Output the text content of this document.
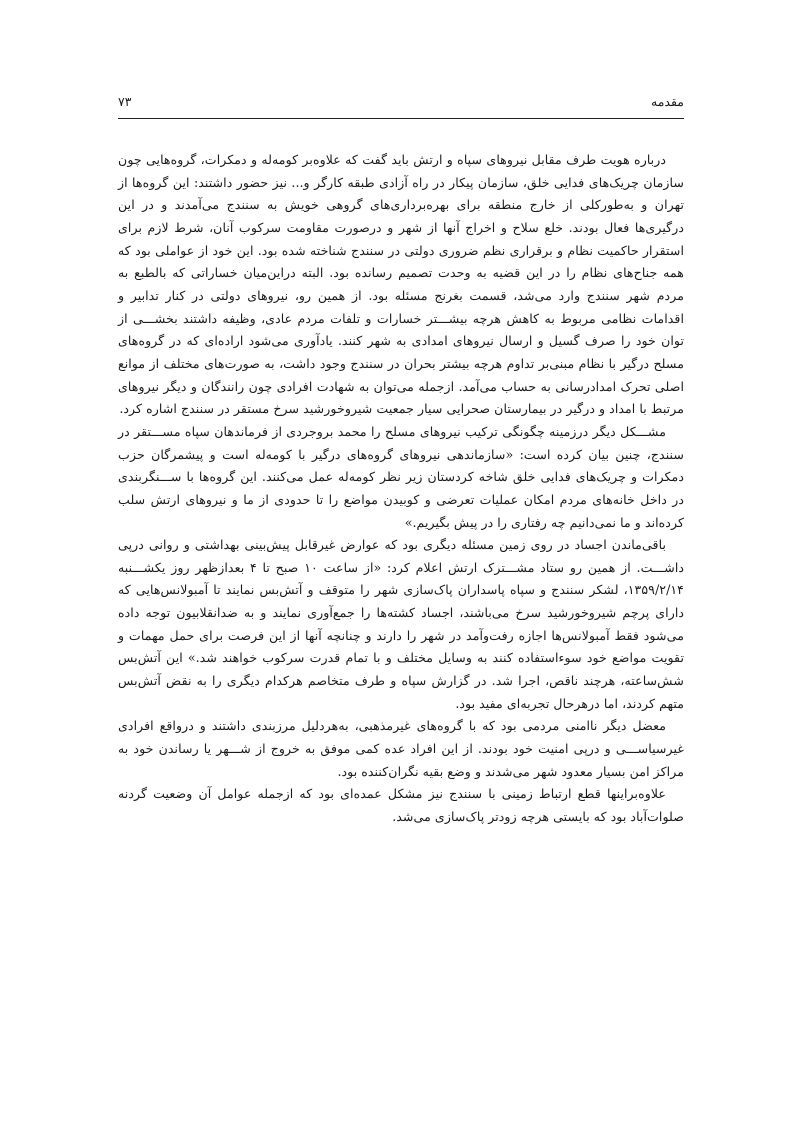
مقدمه
۷۳

درباره هویت طرف مقابل نیروهای سپاه و ارتش باید گفت که علاوه‌بر کومه‌له و دمکرات، گروه‌هایی چون سازمان چریک‌های فدایی خلق، سازمان پیکار در راه آزادی طبقه کارگر و... نیز حضور داشتند: این گروه‌ها از تهران و به‌طورکلی از خارج منطقه برای بهره‌برداری‌های گروهی خویش به سنندج می‌آمدند و در این درگیری‌ها فعال بودند. خلع سلاح و اخراج آنها از شهر و درصورت مقاومت سرکوب آنان، شرط لازم برای استقرار حاکمیت نظام و برقراری نظم ضروری دولتی در سنندج شناخته شده بود. این خود از عواملی بود که همه جناح‌های نظام را در این قضیه به وحدت تصمیم رسانده بود. البته دراین‌میان خساراتی که بالطبع به مردم شهر سنندج وارد می‌شد، قسمت بغرنج مسئله بود. از همین رو، نیروهای دولتی در کنار تدابیر و اقدامات نظامی مربوط به کاهش هرچه بیشـــتر خسارات و تلفات مردم عادی، وظیفه داشتند بخشـــی از توان خود را صرف گسیل و ارسال نیروهای امدادی به شهر کنند. یادآوری می‌شود اراده‌ای که در گروه‌های مسلح درگیر با نظام مبنی‌بر تداوم هرچه بیشتر بحران در سنندج وجود داشت، به صورت‌های مختلف از موانع اصلی تحرک امدادرسانی به حساب می‌آمد. ازجمله می‌توان به شهادت افرادی چون رانندگان و دیگر نیروهای مرتبط با امداد و درگیر در بیمارستان صحرایی سیار جمعیت شیروخورشید سرخ مستقر در سنندج اشاره کرد.

مشـــکل دیگر درزمینه چگونگی ترکیب نیروهای مسلح را محمد بروجردی از فرماندهان سپاه مســـتقر در سنندج، چنین بیان کرده است: «سازماندهی نیروهای گروه‌های درگیر با کومه‌له است و پیشمرگان حزب دمکرات و چریک‌های فدایی خلق شاخه کردستان زیر نظر کومه‌له عمل می‌کنند. این گروه‌ها با ســـنگربندی در داخل خانه‌های مردم امکان عملیات تعرضی و کوبیدن مواضع را تا حدودی از ما و نیروهای ارتش سلب کرده‌اند و ما نمی‌دانیم چه رفتاری را در پیش بگیریم.»

باقی‌ماندن اجساد در روی زمین مسئله دیگری بود که عوارض غیرقابل پیش‌بینی بهداشتی و روانی درپی داشـــت. از همین رو ستاد مشـــترک ارتش اعلام کرد: «از ساعت ۱۰ صبح تا ۴ بعدازظهر روز یکشـــنبه ۱۳۵۹/۲/۱۴، لشکر سنندج و سپاه پاسداران پاک‌سازی شهر را متوقف و آتش‌بس نمایند تا آمبولانس‌هایی که دارای پرچم شیروخورشید سرخ می‌باشند، اجساد کشته‌ها را جمع‌آوری نمایند و به ضدانقلابیون توجه داده می‌شود فقط آمبولانس‌ها اجازه رفت‌وآمد در شهر را دارند و چنانچه آنها از این فرصت برای حمل مهمات و تقویت مواضع خود سوءاستفاده کنند به وسایل مختلف و با تمام قدرت سرکوب خواهند شد.» این آتش‌بس شش‌ساعته، هرچند ناقص، اجرا شد. در گزارش سپاه و طرف متخاصم هرکدام دیگری را به نقض آتش‌بس متهم کردند، اما درهرحال تجربه‌ای مفید بود.

معضل دیگر ناامنی مردمی بود که با گروه‌های غیرمذهبی، به‌هردلیل مرزبندی داشتند و درواقع افرادی غیرسیاســـی و درپی امنیت خود بودند. از این افراد عده کمی موفق به خروج از شـــهر یا رساندن خود به مراکز امن بسیار معدود شهر می‌شدند و وضع بقیه نگران‌کننده بود.

علاوه‌براینها قطع ارتباط زمینی با سنندج نیز مشکل عمده‌ای بود که ازجمله عوامل آن وضعیت گردنه صلوات‌آباد بود که بایستی هرچه زودتر پاک‌سازی می‌شد.
